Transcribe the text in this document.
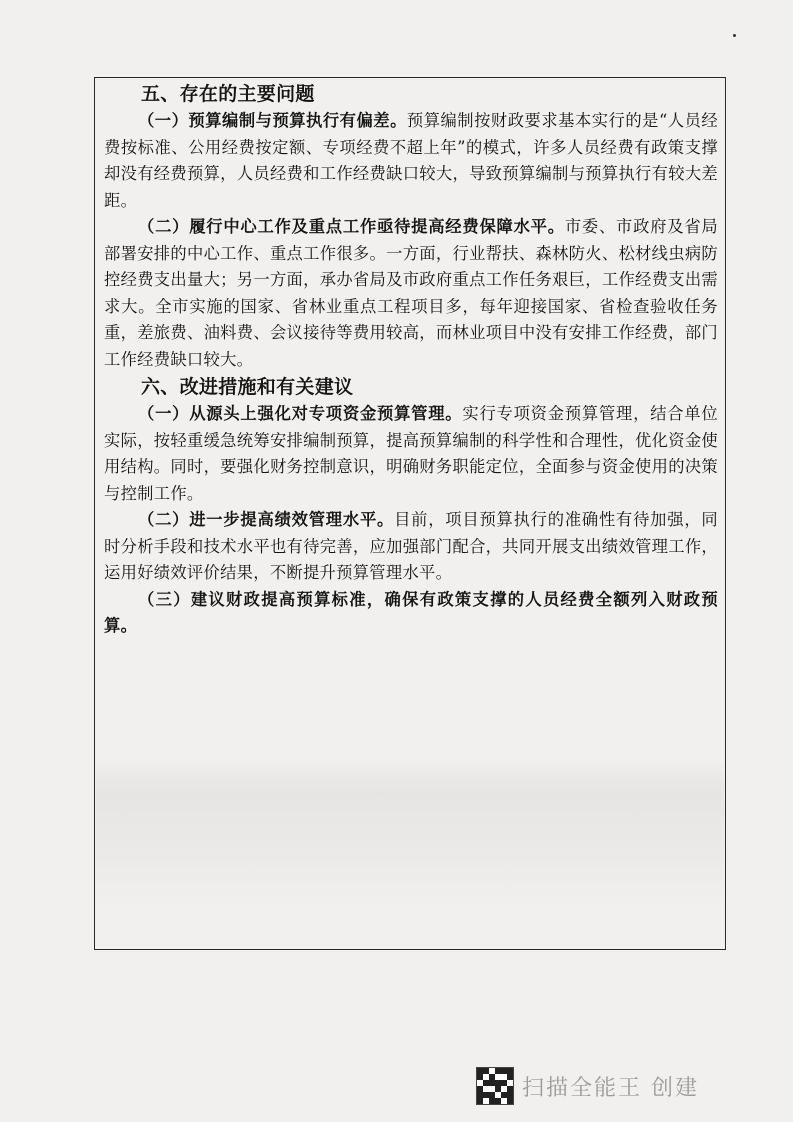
五、存在的主要问题

（一）预算编制与预算执行有偏差。预算编制按财政要求基本实行的是“人员经费按标准、公用经费按定额、专项经费不超上年”的模式，许多人员经费有政策支撑却没有经费预算，人员经费和工作经费缺口较大，导致预算编制与预算执行有较大差距。

（二）履行中心工作及重点工作亟待提高经费保障水平。市委、市政府及省局部署安排的中心工作、重点工作很多。一方面，行业帮扶、森林防火、松材线虫病防控经费支出量大；另一方面，承办省局及市政府重点工作任务艰巨，工作经费支出需求大。全市实施的国家、省林业重点工程项目多，每年迎接国家、省检查验收任务重，差旅费、油料费、会议接待等费用较高，而林业项目中没有安排工作经费，部门工作经费缺口较大。

六、改进措施和有关建议

（一）从源头上强化对专项资金预算管理。实行专项资金预算管理，结合单位实际，按轻重缓急统筹安排编制预算，提高预算编制的科学性和合理性，优化资金使用结构。同时，要强化财务控制意识，明确财务职能定位，全面参与资金使用的决策与控制工作。

（二）进一步提高绩效管理水平。目前，项目预算执行的准确性有待加强，同时分析手段和技术水平也有待完善，应加强部门配合，共同开展支出绩效管理工作，运用好绩效评价结果，不断提升预算管理水平。

（三）建议财政提高预算标准，确保有政策支撑的人员经费全额列入财政预算。

扫描全能王 创建
